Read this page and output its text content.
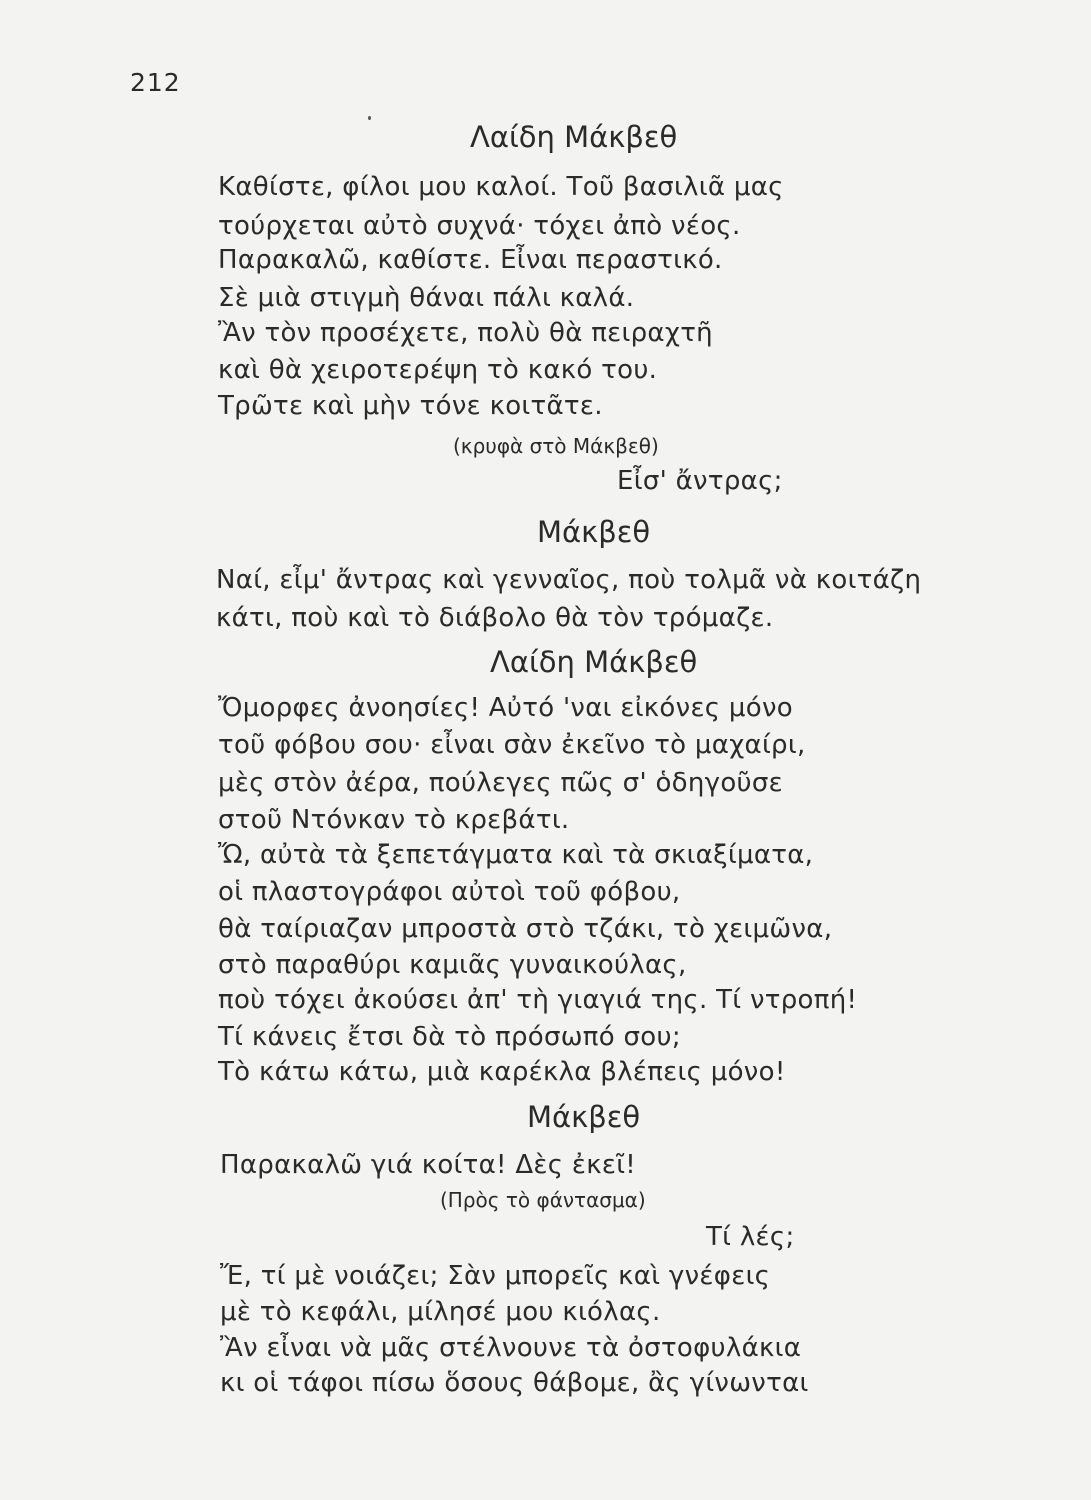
212
Λαίδη Μάκβεθ
Καθίστε, φίλοι μου καλοί. Τοῦ βασιλιᾶ μας
τούρχεται αὐτὸ συχνά· τόχει ἀπὸ νέος.
Παρακαλῶ, καθίστε. Εἶναι περαστικό.
Σὲ μιὰ στιγμὴ θάναι πάλι καλά.
Ἂν τὸν προσέχετε, πολὺ θὰ πειραχτῆ
καὶ θὰ χειροτερέψη τὸ κακό του.
Τρῶτε καὶ μὴν τόνε κοιτᾶτε.
(κρυφὰ στὸ Μάκβεθ)
Εἶσ' ἄντρας;
Μάκβεθ
Ναί, εἶμ' ἄντρας καὶ γενναῖος, ποὺ τολμᾶ νὰ κοιτάζη
κάτι, ποὺ καὶ τὸ διάβολο θὰ τὸν τρόμαζε.
Λαίδη Μάκβεθ
Ὄμορφες ἀνοησίες! Αὐτό 'ναι εἰκόνες μόνο
τοῦ φόβου σου· εἶναι σὰν ἐκεῖνο τὸ μαχαίρι,
μὲς στὸν ἀέρα, πούλεγες πῶς σ' ὁδηγοῦσε
στοῦ Ντόνκαν τὸ κρεβάτι.
Ὤ, αὐτὰ τὰ ξεπετάγματα καὶ τὰ σκιαξίματα,
οἱ πλαστογράφοι αὐτοὶ τοῦ φόβου,
θὰ ταίριαζαν μπροστὰ στὸ τζάκι, τὸ χειμῶνα,
στὸ παραθύρι καμιᾶς γυναικούλας,
ποὺ τόχει ἀκούσει ἀπ' τὴ γιαγιά της. Τί ντροπή!
Τί κάνεις ἔτσι δὰ τὸ πρόσωπό σου;
Τὸ κάτω κάτω, μιὰ καρέκλα βλέπεις μόνο!
Μάκβεθ
Παρακαλῶ γιά κοίτα! Δὲς ἐκεῖ!
(Πρὸς τὸ φάντασμα)
Τί λές;
Ἔ, τί μὲ νοιάζει; Σὰν μπορεῖς καὶ γνέφεις
μὲ τὸ κεφάλι, μίλησέ μου κιόλας.
Ἂν εἶναι νὰ μᾶς στέλνουνε τὰ ὀστοφυλάκια
κι οἱ τάφοι πίσω ὅσους θάβομε, ἂς γίνωνται
